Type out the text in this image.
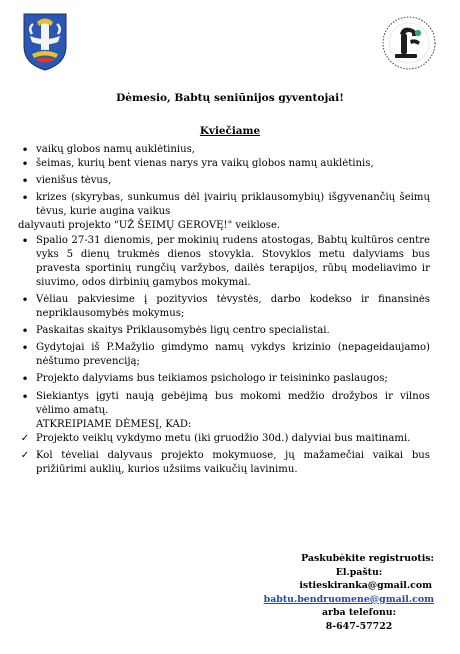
Dėmesio, Babtų seniūnijos gyventojai!
Kviečiame
• vaikų globos namų auklėtinius,
• šeimas, kurių bent vienas narys yra vaikų globos namų auklėtinis,
• vienišus tėvus,
• krizes (skyrybas, sunkumus dėl įvairių priklausomybių) išgyvenančių šeimų tėvus, kurie augina vaikus
dalyvauti projekto "UŽ ŠEIMŲ GEROVĘ!" veiklose.
• Spalio 27-31 dienomis, per mokinių rudens atostogas, Babtų kultūros centre vyks 5 dienų trukmės dienos stovykla. Stovyklos metu dalyviams bus pravesta sportinių rungčių varžybos, dailės terapijos, rūbų modeliavimo ir siuvimo, odos dirbinių gamybos mokymai.
• Vėliau pakviesime į pozityvios tėvystės, darbo kodekso ir finansinės nepriklausomybės mokymus;
• Paskaitas skaitys Priklausomybės ligų centro specialistai.
• Gydytojai iš P.Mažylio gimdymo namų vykdys krizinio (nepageidaujamo) nėštumo prevenciją;
• Projekto dalyviams bus teikiamos psichologo ir teisininko paslaugos;
• Siekiantys įgyti naują gebėjimą bus mokomi medžio drožybos ir vilnos vėlimo amatų.
ATKREIPIAME DĖMESĮ, KAD:
✓ Projekto veiklų vykdymo metu (iki gruodžio 30d.) dalyviai bus maitinami.
✓ Kol tėveliai dalyvaus projekto mokymuose, jų mažamečiai vaikai bus prižiūrimi auklių, kurios užsiims vaikučių lavinimu.
Paskubėkite registruotis:
El.paštu:
istieskiranka@gmail.com
babtu.bendruomene@gmail.com
arba telefonu:
8-647-57722
